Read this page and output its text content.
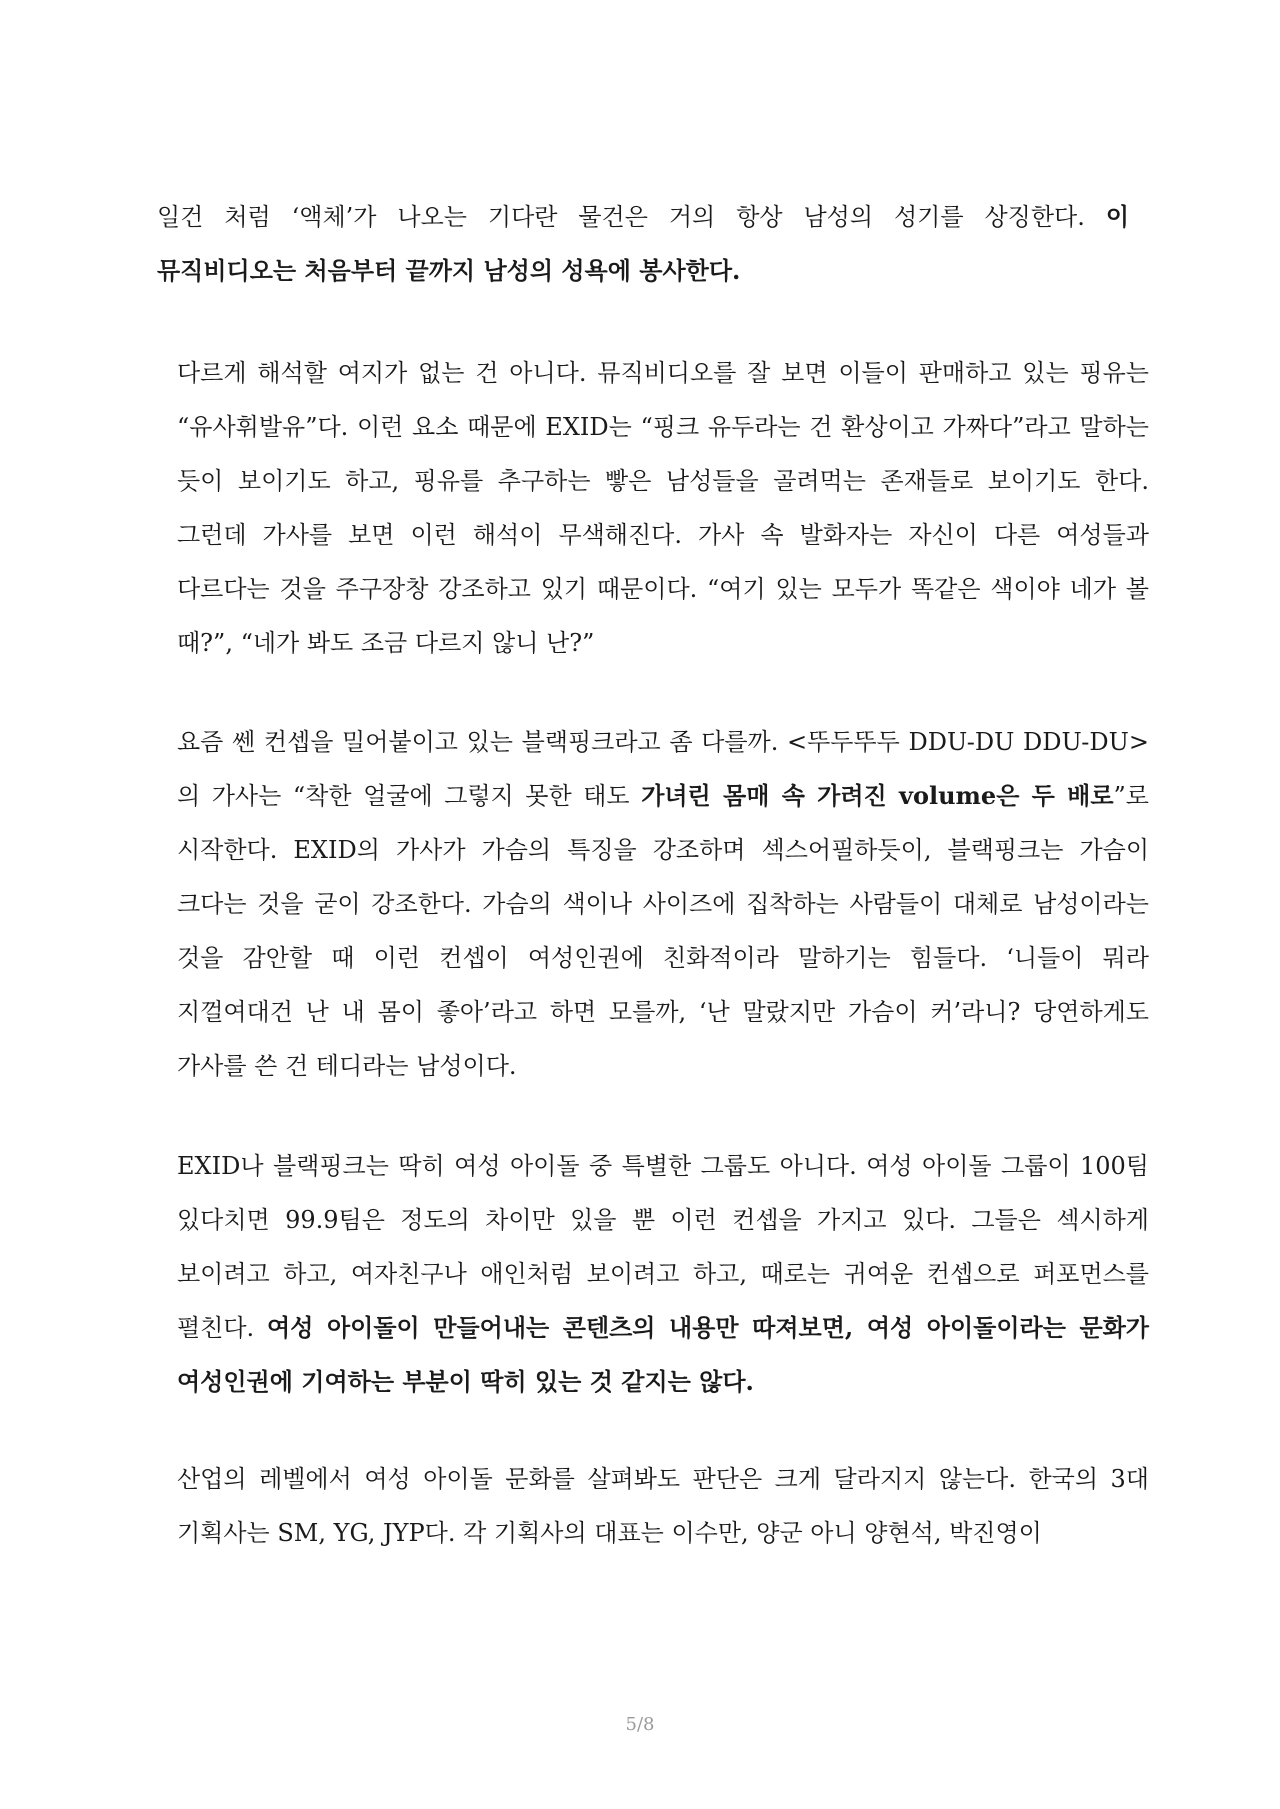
일건 처럼 ‘액체’가 나오는 기다란 물건은 거의 항상 남성의 성기를 상징한다. 이 뮤직비디오는 처음부터 끝까지 남성의 성욕에 봉사한다.

다르게 해석할 여지가 없는 건 아니다. 뮤직비디오를 잘 보면 이들이 판매하고 있는 핑유는 “유사휘발유”다. 이런 요소 때문에 EXID는 “핑크 유두라는 건 환상이고 가짜다”라고 말하는 듯이 보이기도 하고, 핑유를 추구하는 빻은 남성들을 골려먹는 존재들로 보이기도 한다. 그런데 가사를 보면 이런 해석이 무색해진다. 가사 속 발화자는 자신이 다른 여성들과 다르다는 것을 주구장창 강조하고 있기 때문이다. “여기 있는 모두가 똑같은 색이야 네가 볼 때?”, “네가 봐도 조금 다르지 않니 난?”

요즘 쎈 컨셉을 밀어붙이고 있는 블랙핑크라고 좀 다를까. <뚜두뚜두 DDU-DU DDU-DU>의 가사는 “착한 얼굴에 그렇지 못한 태도 가녀린 몸매 속 가려진 volume은 두 배로”로 시작한다. EXID의 가사가 가슴의 특징을 강조하며 섹스어필하듯이, 블랙핑크는 가슴이 크다는 것을 굳이 강조한다. 가슴의 색이나 사이즈에 집착하는 사람들이 대체로 남성이라는 것을 감안할 때 이런 컨셉이 여성인권에 친화적이라 말하기는 힘들다. ‘니들이 뭐라 지껄여대건 난 내 몸이 좋아’라고 하면 모를까, ‘난 말랐지만 가슴이 커’라니? 당연하게도 가사를 쓴 건 테디라는 남성이다.

EXID나 블랙핑크는 딱히 여성 아이돌 중 특별한 그룹도 아니다. 여성 아이돌 그룹이 100팀 있다치면 99.9팀은 정도의 차이만 있을 뿐 이런 컨셉을 가지고 있다. 그들은 섹시하게 보이려고 하고, 여자친구나 애인처럼 보이려고 하고, 때로는 귀여운 컨셉으로 퍼포먼스를 펼친다. 여성 아이돌이 만들어내는 콘텐츠의 내용만 따져보면, 여성 아이돌이라는 문화가 여성인권에 기여하는 부분이 딱히 있는 것 같지는 않다.

산업의 레벨에서 여성 아이돌 문화를 살펴봐도 판단은 크게 달라지지 않는다. 한국의 3대 기획사는 SM, YG, JYP다. 각 기획사의 대표는 이수만, 양군 아니 양현석, 박진영이

5/8
